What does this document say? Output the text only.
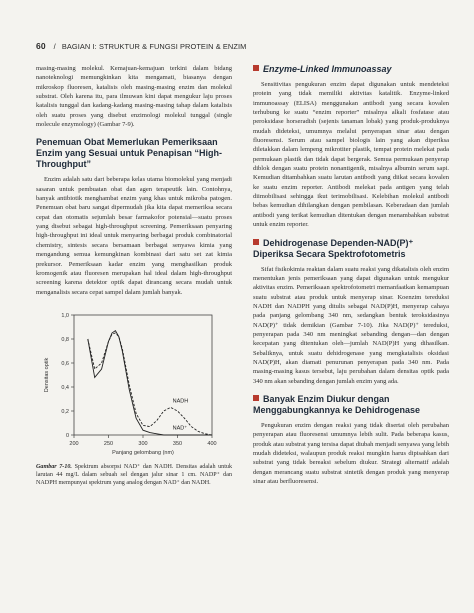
60 / BAGIAN I: STRUKTUR & FUNGSI PROTEIN & ENZIM

masing-masing molekul. Kemajuan-kemajuan terkini dalam bidang nanoteknologi memungkinkan kita mengamati, biasanya dengan mikroskop fluoresen, katalisis oleh masing-masing enzim dan molekul substrat. Oleh karena itu, para ilmuwan kini dapat mengukur laju proses katalisis tunggal dan kadang-kadang masing-masing tahap dalam katalisis oleh suatu proses yang disebut enzimologi molekul tunggal (single molecule enzymology) (Gambar 7-9).

Penemuan Obat Memerlukan Pemeriksaan Enzim yang Sesuai untuk Penapisan “High-Throughput”

Enzim adalah satu dari beberapa kelas utama biomolekul yang menjadi sasaran untuk pembuatan obat dan agen terapeutik lain. Contohnya, banyak antibiotik menghambat enzim yang khas untuk mikroba patogen. Penemuan obat baru sangat dipermudah jika kita dapat memeriksa secara cepat dan otomatis sejumlah besar farmakofor potensial—suatu proses yang disebut sebagai high-throughput screening. Pemeriksaan penyaring high-throughput ini ideal untuk menyaring berbagai produk combinatorial chemistry, sintesis secara bersamaan berbagai senyawa kimia yang mengandung semua kemungkinan kombinasi dari satu set zat kimia prekursor. Pemeriksaan kadar enzim yang menghasilkan produk kromogenik atau fluoresen merupakan hal ideal dalam high-throughput screening karena detektor optik dapat dirancang secara mudah untuk menganalisis secara cepat sampel dalam jumlah banyak.

0
0,2
0,4
0,6
0,8
1,0
200	250	300	350	400
Panjang gelombang (nm)
Densitas optik
NADH
NAD⁺
Gambar 7-10. Spektrum absorpsi NAD⁺ dan NADH. Densitas adalah untuk larutan 44 mg/L dalam sebuah sel dengan jalur sinar 1 cm. NADP⁺ dan NADPH mempunyai spektrum yang analog dengan NAD⁺ dan NADH.
Enzyme-Linked Immunoassay

Sensitivitas pengukuran enzim dapat digunakan untuk mendeteksi protein yang tidak memiliki aktivitas katalitik. Enzyme-linked immunoassay (ELISA) menggunakan antibodi yang secara kovalen terhubung ke suatu “enzim reporter” misalnya alkali fosfatase atau peroksidase horseradish (sejenis tanaman lobak) yang produk-produknya mudah dideteksi, umumnya melalui penyerapan sinar atau dengan fluoresensi. Serum atau sampel biologis lain yang akan diperiksa diletakkan dalam lempeng mikrotiter plastik, tempat protein melekat pada permukaan plastik dan tidak dapat bergerak. Semua permukaan penyerap diblok dengan suatu protein nonantigenik, misalnya albumin serum sapi. Kemudian ditambahkan suatu larutan antibodi yang diikat secara kovalen ke suatu enzim reporter. Antibodi melekat pada antigen yang telah diimobilisasi sehingga ikut terimobilisasi. Kelebihan molekul antibodi bebas kemudian dihilangkan dengan pembilasan. Keberadaan dan jumlah antibodi yang terikat kemudian ditentukan dengan menambahkan substrat untuk enzim reporter.

Dehidrogenase Dependen-NAD(P)⁺ Diperiksa Secara Spektrofotometris

Sifat fisikokimia reaktan dalam suatu reaksi yang dikatalisis oleh enzim menentukan jenis pemeriksaan yang dapat digunakan untuk mengukur aktivitas enzim. Pemeriksaan spektrofotometri memanfaatkan kemampuan suatu substrat atau produk untuk menyerap sinar. Koenzim tereduksi NADH dan NADPH yang ditulis sebagai NAD(P)H, menyerap cahaya pada panjang gelombang 340 nm, sedangkan bentuk teroksidasinya NAD(P)⁺ tidak demikian (Gambar 7-10). Jika NAD(P)⁺ tereduksi, penyerapan pada 340 nm meningkat sebanding dengan—dan dengan kecepatan yang ditentukan oleh—jumlah NAD(P)H yang dihasilkan. Sebaliknya, untuk suatu dehidrogenase yang mengkatalisis oksidasi NAD(P)H, akan diamati penurunan penyerapan pada 340 nm. Pada masing-masing kasus tersebut, laju perubahan dalam densitas optik pada 340 nm akan sebanding dengan jumlah enzim yang ada.

Banyak Enzim Diukur dengan Menggabungkannya ke Dehidrogenase

Pengukuran enzim dengan reaksi yang tidak disertai oleh perubahan penyerapan atau fluoresensi umumnya lebih sulit. Pada beberapa kasus, produk atau substrat yang tersisa dapat diubah menjadi senyawa yang lebih mudah dideteksi, walaupun produk reaksi mungkin harus dipisahkan dari substrat yang tidak bereaksi sebelum diukur. Strategi alternatif adalah dengan merancang suatu substrat sintetik dengan produk yang menyerap sinar atau berfluoresensi.
